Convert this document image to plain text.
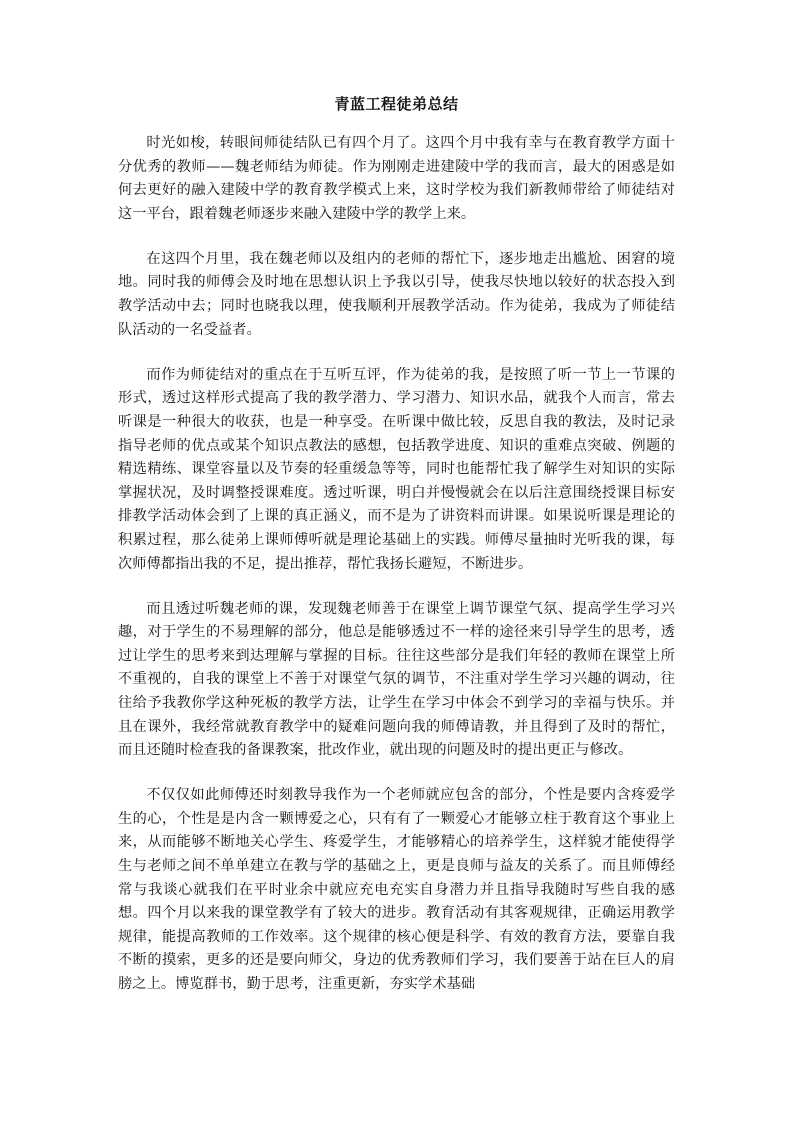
青蓝工程徒弟总结

时光如梭，转眼间师徒结队已有四个月了。这四个月中我有幸与在教育教学方面十分优秀的教师——魏老师结为师徒。作为刚刚走进建陵中学的我而言，最大的困惑是如何去更好的融入建陵中学的教育教学模式上来，这时学校为我们新教师带给了师徒结对这一平台，跟着魏老师逐步来融入建陵中学的教学上来。

在这四个月里，我在魏老师以及组内的老师的帮忙下，逐步地走出尴尬、困窘的境地。同时我的师傅会及时地在思想认识上予我以引导，使我尽快地以较好的状态投入到教学活动中去；同时也晓我以理，使我顺利开展教学活动。作为徒弟，我成为了师徒结队活动的一名受益者。

而作为师徒结对的重点在于互听互评，作为徒弟的我，是按照了听一节上一节课的形式，透过这样形式提高了我的教学潜力、学习潜力、知识水品，就我个人而言，常去听课是一种很大的收获，也是一种享受。在听课中做比较，反思自我的教法，及时记录指导老师的优点或某个知识点教法的感想，包括教学进度、知识的重难点突破、例题的精选精练、课堂容量以及节奏的轻重缓急等等，同时也能帮忙我了解学生对知识的实际掌握状况，及时调整授课难度。透过听课，明白并慢慢就会在以后注意围绕授课目标安排教学活动体会到了上课的真正涵义，而不是为了讲资料而讲课。如果说听课是理论的积累过程，那么徒弟上课师傅听就是理论基础上的实践。师傅尽量抽时光听我的课，每次师傅都指出我的不足，提出推荐，帮忙我扬长避短，不断进步。

而且透过听魏老师的课，发现魏老师善于在课堂上调节课堂气氛、提高学生学习兴趣，对于学生的不易理解的部分，他总是能够透过不一样的途径来引导学生的思考，透过让学生的思考来到达理解与掌握的目标。往往这些部分是我们年轻的教师在课堂上所不重视的，自我的课堂上不善于对课堂气氛的调节，不注重对学生学习兴趣的调动，往往给予我教你学这种死板的教学方法，让学生在学习中体会不到学习的幸福与快乐。并且在课外，我经常就教育教学中的疑难问题向我的师傅请教，并且得到了及时的帮忙，而且还随时检查我的备课教案，批改作业，就出现的问题及时的提出更正与修改。

不仅仅如此师傅还时刻教导我作为一个老师就应包含的部分，个性是要内含疼爱学生的心，个性是是内含一颗博爱之心，只有有了一颗爱心才能够立柱于教育这个事业上来，从而能够不断地关心学生、疼爱学生，才能够精心的培养学生，这样貌才能使得学生与老师之间不单单建立在教与学的基础之上，更是良师与益友的关系了。而且师傅经常与我谈心就我们在平时业余中就应充电充实自身潜力并且指导我随时写些自我的感想。四个月以来我的课堂教学有了较大的进步。教育活动有其客观规律，正确运用教学规律，能提高教师的工作效率。这个规律的核心便是科学、有效的教育方法，要靠自我不断的摸索，更多的还是要向师父，身边的优秀教师们学习，我们要善于站在巨人的肩膀之上。博览群书，勤于思考，注重更新，夯实学术基础
